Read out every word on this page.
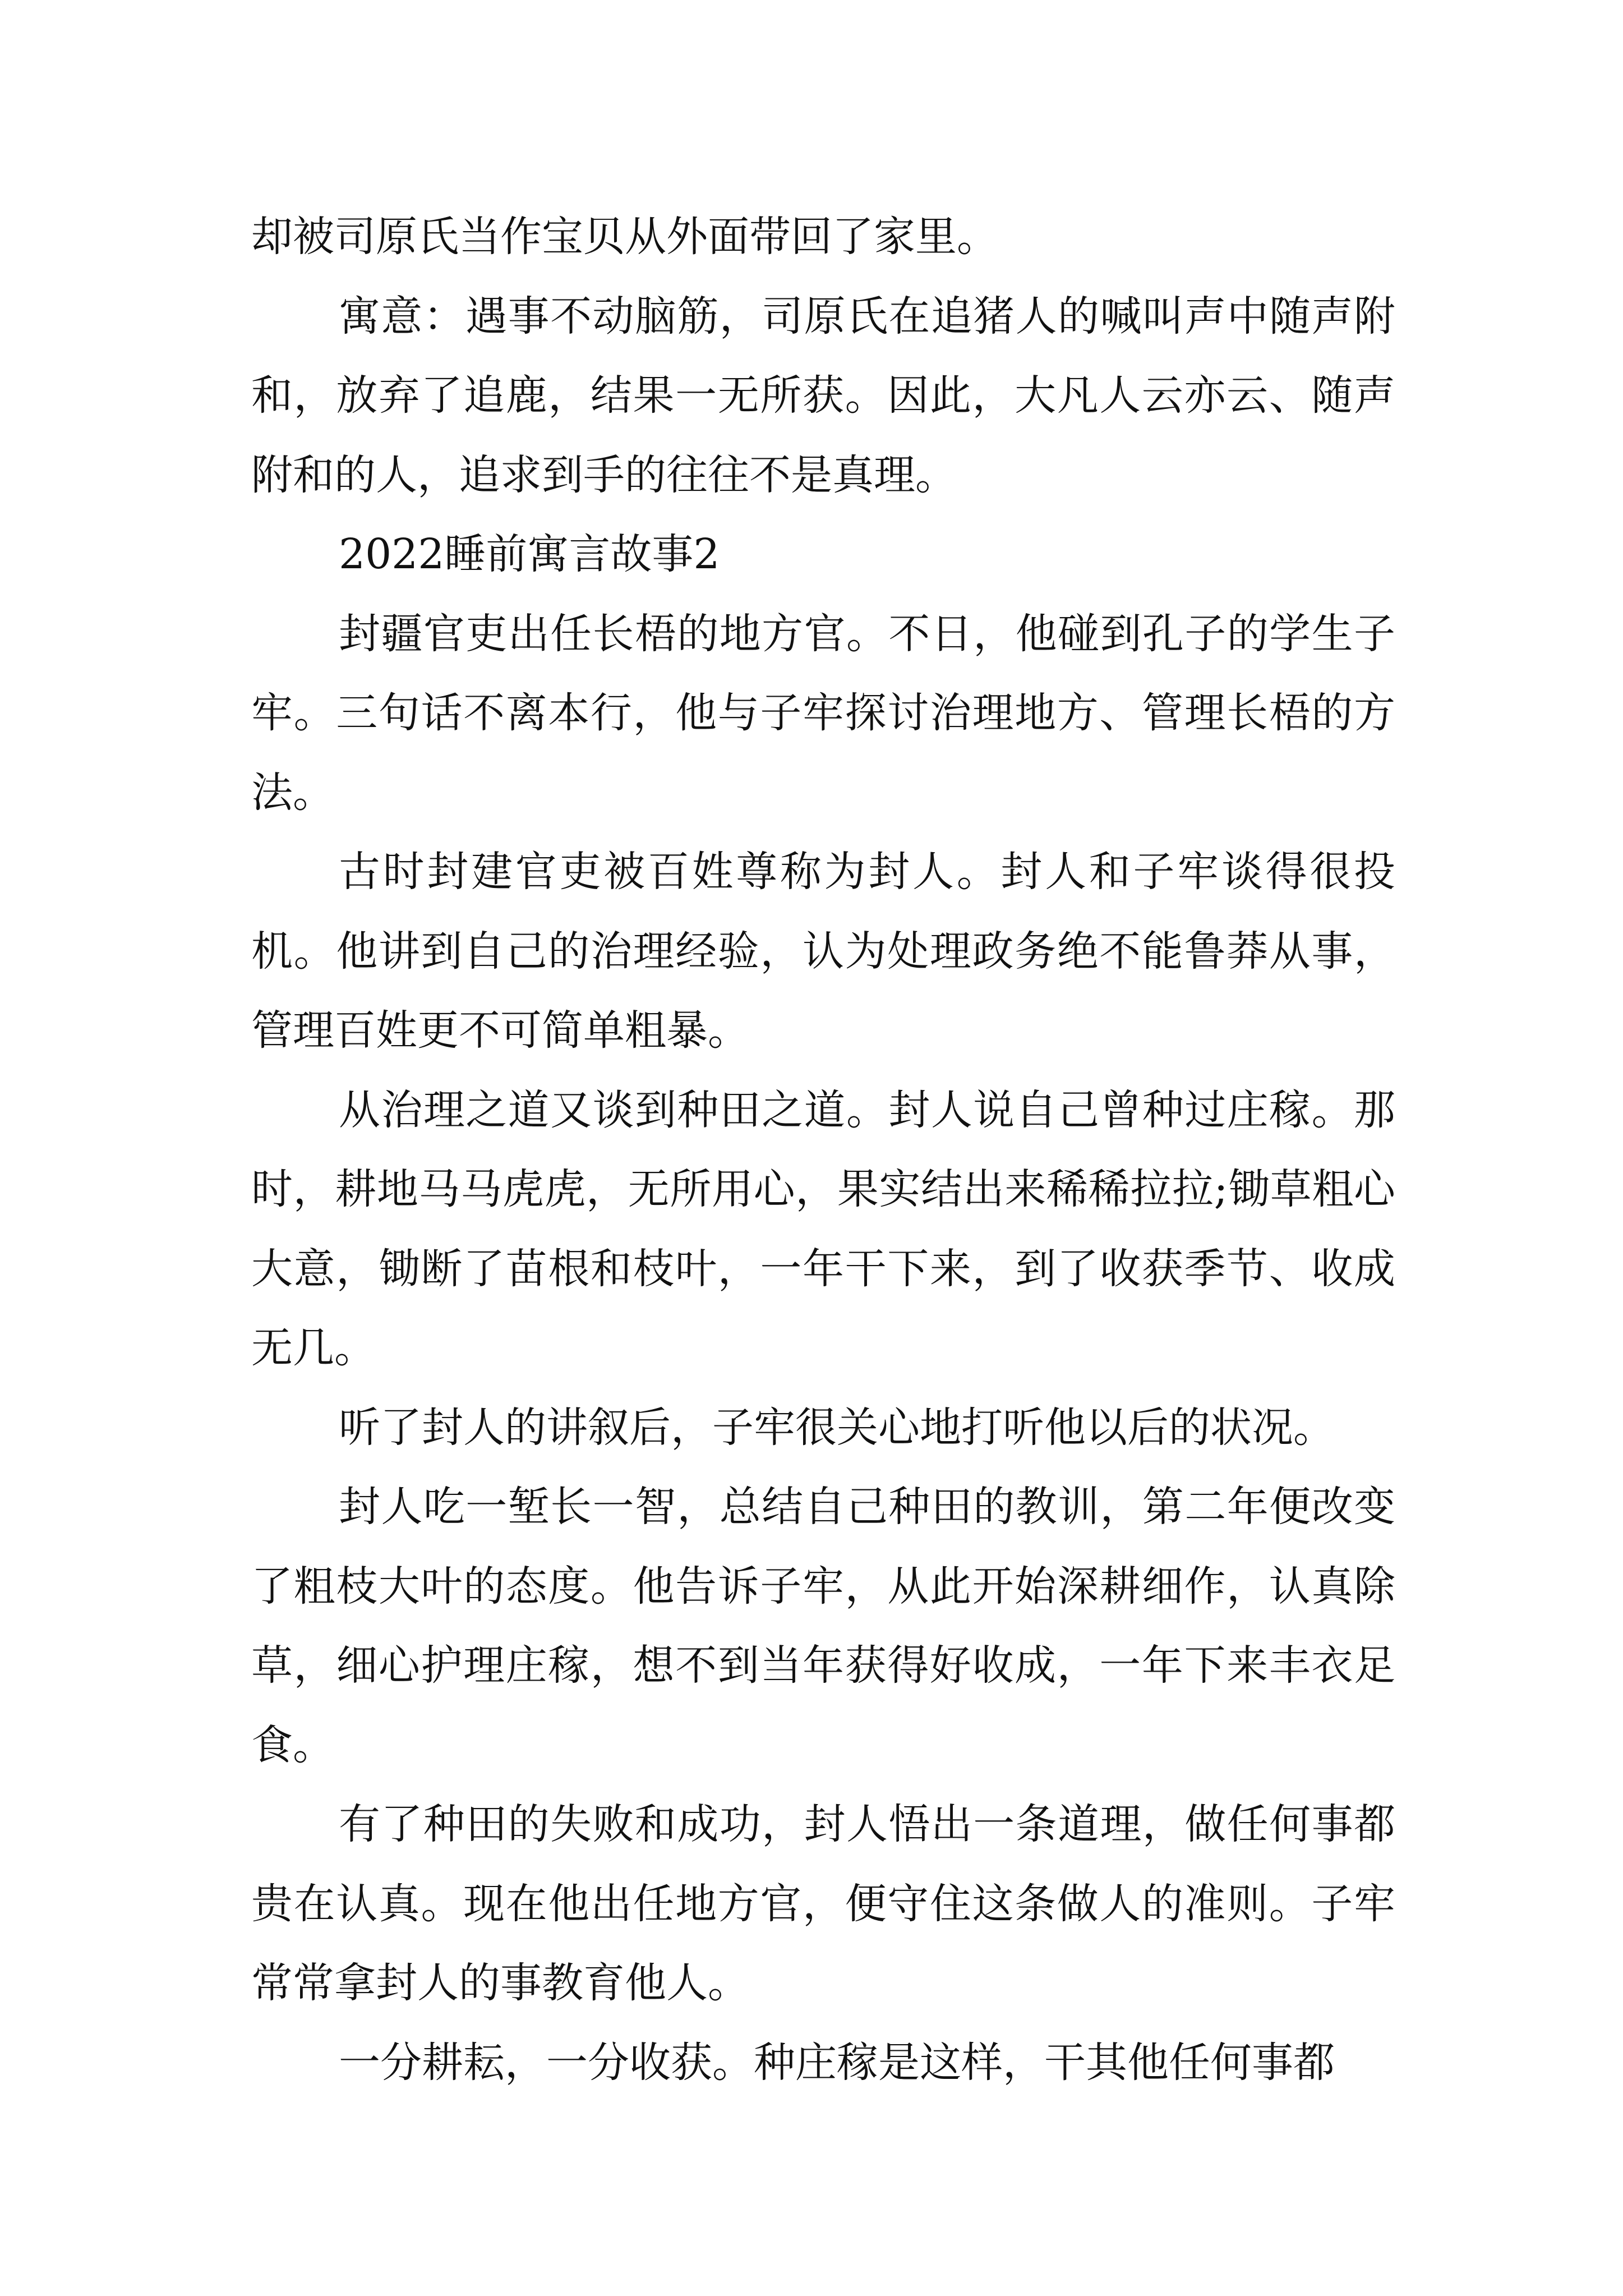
却被司原氏当作宝贝从外面带回了家里。

寓意：遇事不动脑筋，司原氏在追猪人的喊叫声中随声附和，放弃了追鹿，结果一无所获。因此，大凡人云亦云、随声附和的人，追求到手的往往不是真理。

2022睡前寓言故事2

封疆官吏出任长梧的地方官。不日，他碰到孔子的学生子牢。三句话不离本行，他与子牢探讨治理地方、管理长梧的方法。

古时封建官吏被百姓尊称为封人。封人和子牢谈得很投机。他讲到自己的治理经验，认为处理政务绝不能鲁莽从事，管理百姓更不可简单粗暴。

从治理之道又谈到种田之道。封人说自己曾种过庄稼。那时，耕地马马虎虎，无所用心，果实结出来稀稀拉拉;锄草粗心大意，锄断了苗根和枝叶，一年干下来，到了收获季节、收成无几。

听了封人的讲叙后，子牢很关心地打听他以后的状况。

封人吃一堑长一智，总结自己种田的教训，第二年便改变了粗枝大叶的态度。他告诉子牢，从此开始深耕细作，认真除草，细心护理庄稼，想不到当年获得好收成，一年下来丰衣足食。

有了种田的失败和成功，封人悟出一条道理，做任何事都贵在认真。现在他出任地方官，便守住这条做人的准则。子牢常常拿封人的事教育他人。

一分耕耘，一分收获。种庄稼是这样，干其他任何事都
